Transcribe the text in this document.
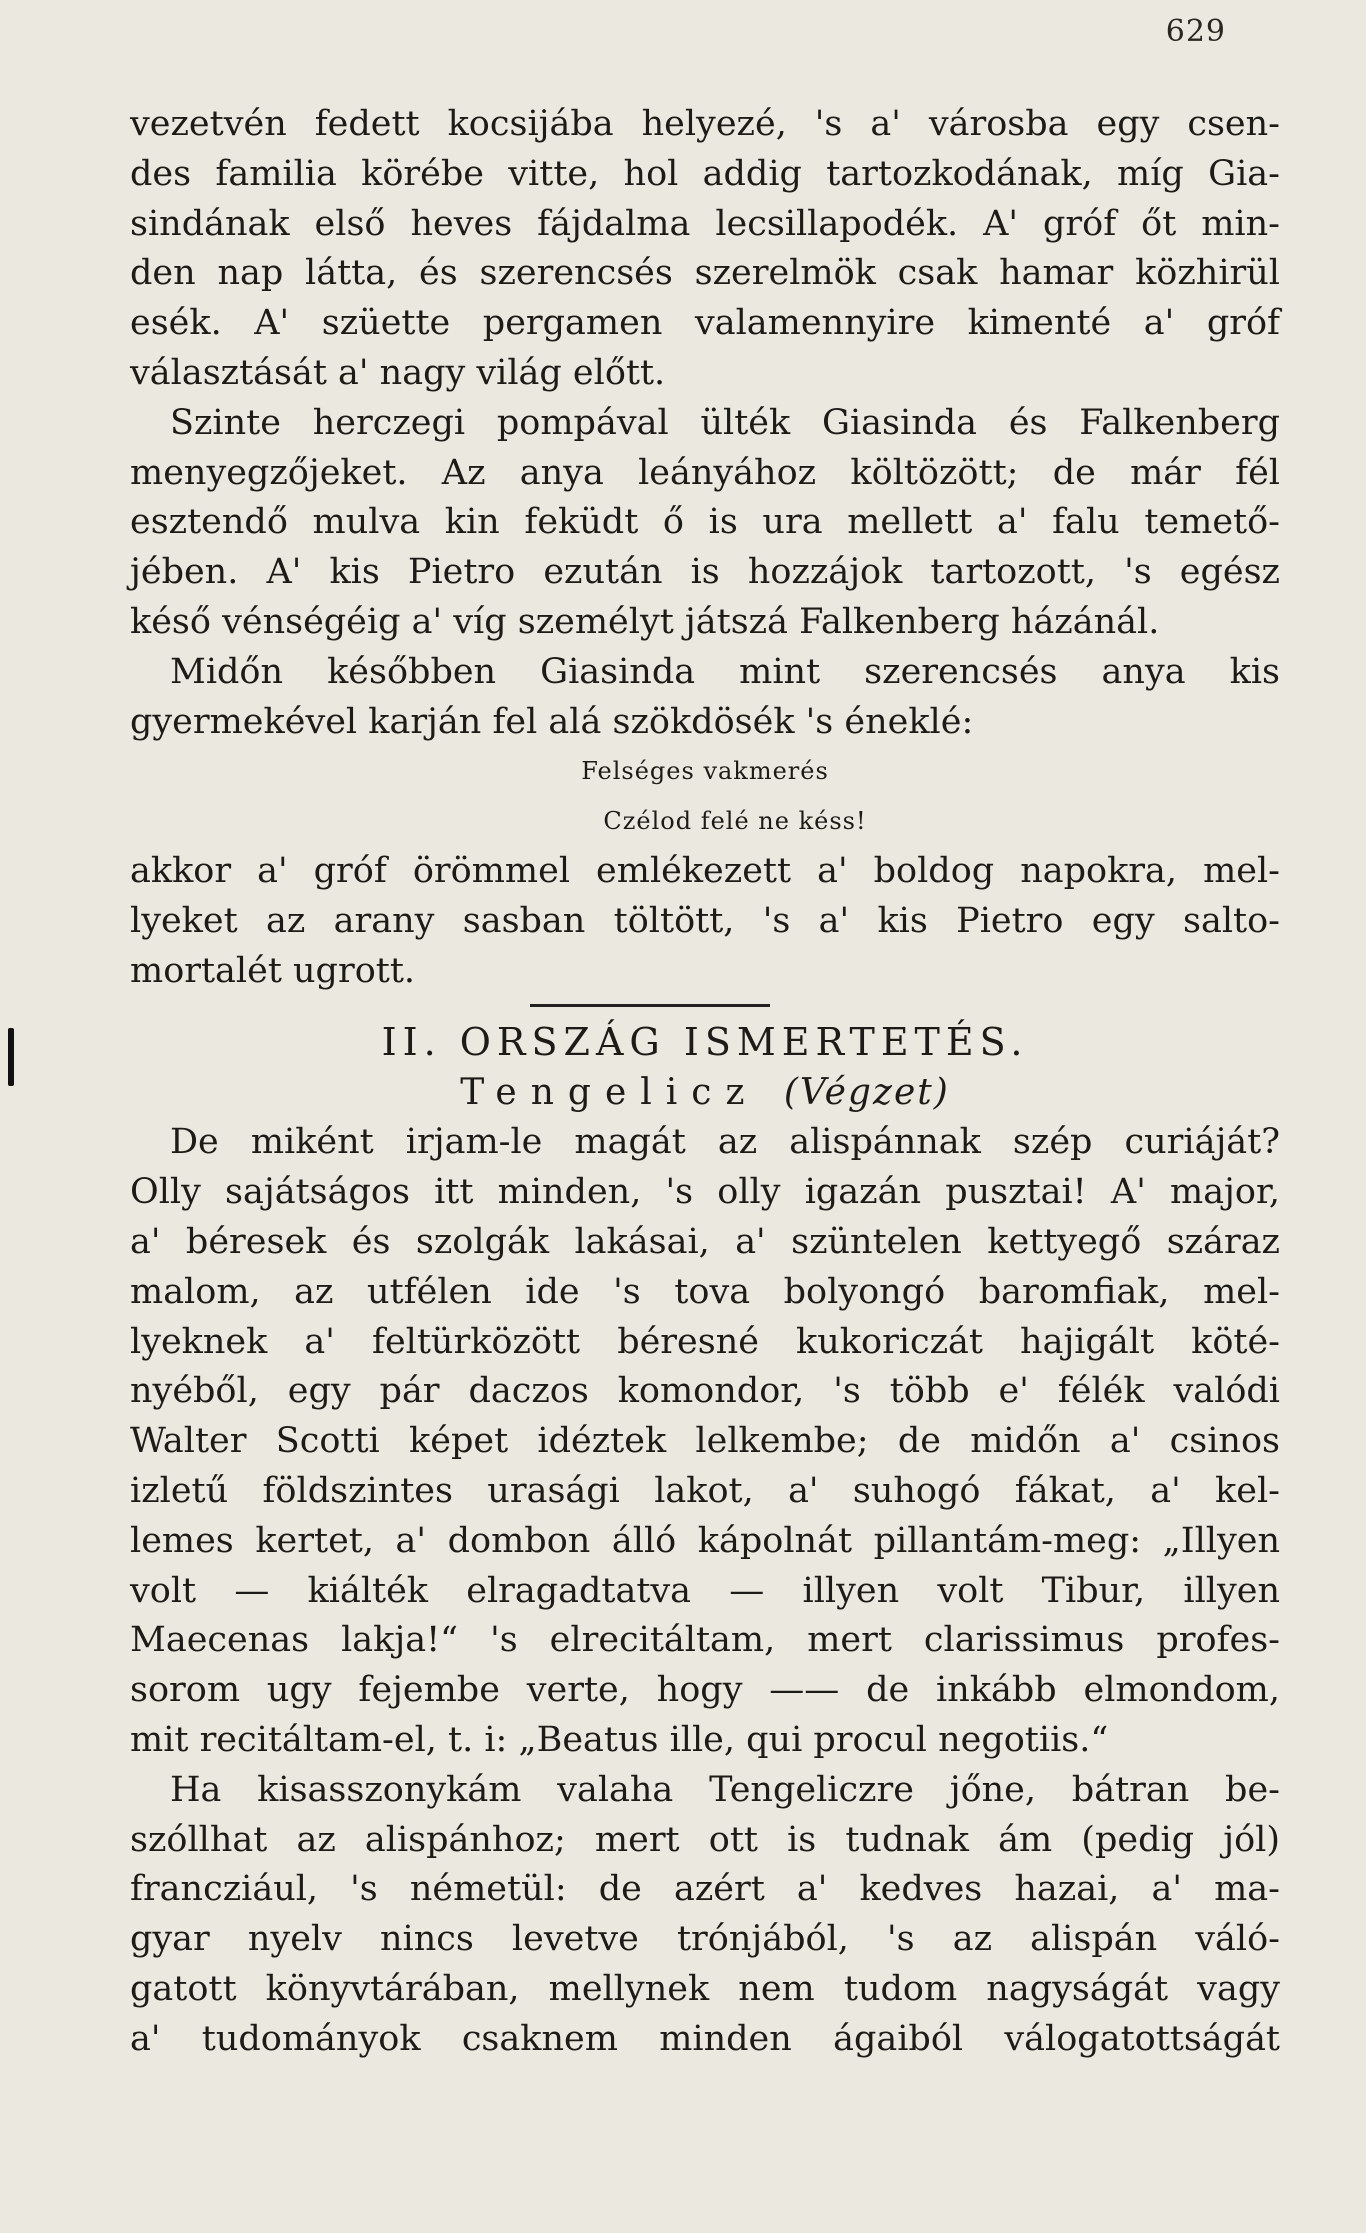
629
vezetvén fedett kocsijába helyezé, 's a' városba egy csen-
des familia körébe vitte, hol addig tartozkodának, míg Gia-
sindának első heves fájdalma lecsillapodék. A' gróf őt min-
den nap látta, és szerencsés szerelmök csak hamar közhirül
esék. A' szüette pergamen valamennyire kimenté a' gróf
választását a' nagy világ előtt.
Szinte herczegi pompával ülték Giasinda és Falkenberg
menyegzőjeket. Az anya leányához költözött; de már fél
esztendő mulva kin feküdt ő is ura mellett a' falu temető-
jében. A' kis Pietro ezután is hozzájok tartozott, 's egész
késő vénségéig a' víg személyt játszá Falkenberg házánál.
Midőn későbben Giasinda mint szerencsés anya kis
gyermekével karján fel alá szökdösék 's éneklé:
Felséges vakmerés
Czélod felé ne késs!
akkor a' gróf örömmel emlékezett a' boldog napokra, mel-
lyeket az arany sasban töltött, 's a' kis Pietro egy salto-
mortalét ugrott.
II. ORSZÁG ISMERTETÉS.
Tengelicz (Végzet)
De miként irjam-le magát az alispánnak szép curiáját?
Olly sajátságos itt minden, 's olly igazán pusztai! A' major,
a' béresek és szolgák lakásai, a' szüntelen kettyegő száraz
malom, az utfélen ide 's tova bolyongó baromfiak, mel-
lyeknek a' feltürközött béresné kukoriczát hajigált köté-
nyéből, egy pár daczos komondor, 's több e' félék valódi
Walter Scotti képet idéztek lelkembe; de midőn a' csinos
izletű földszintes urasági lakot, a' suhogó fákat, a' kel-
lemes kertet, a' dombon álló kápolnát pillantám-meg: „Illyen
volt — kiálték elragadtatva — illyen volt Tibur, illyen
Maecenas lakja!“ 's elrecitáltam, mert clarissimus profes-
sorom ugy fejembe verte, hogy —— de inkább elmondom,
mit recitáltam-el, t. i: „Beatus ille, qui procul negotiis.“
Ha kisasszonykám valaha Tengeliczre jőne, bátran be-
szóllhat az alispánhoz; mert ott is tudnak ám (pedig jól)
francziául, 's németül: de azért a' kedves hazai, a' ma-
gyar nyelv nincs levetve trónjából, 's az alispán váló-
gatott könyvtárában, mellynek nem tudom nagyságát vagy
a' tudományok csaknem minden ágaiból válogatottságát
